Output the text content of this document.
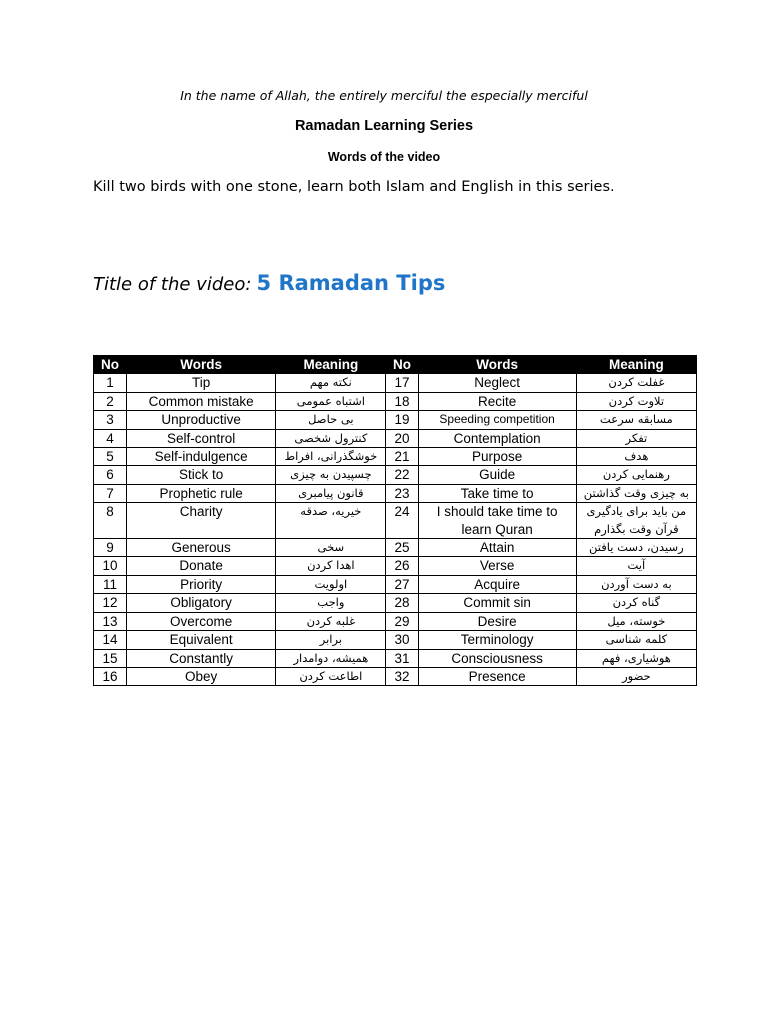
In the name of Allah, the entirely merciful the especially merciful
Ramadan Learning Series
Words of the video
Kill two birds with one stone, learn both Islam and English in this series.
Title of the video: 5 Ramadan Tips
No	Words	Meaning	No	Words	Meaning
1	Tip	نکته مهم	17	Neglect	غفلت کردن
2	Common mistake	اشتباه عمومی	18	Recite	تلاوت کردن
3	Unproductive	بی حاصل	19	Speeding competition	مسابقه سرعت
4	Self-control	کنترول شخصی	20	Contemplation	تفکر
5	Self-indulgence	خوشگذرانی، افراط	21	Purpose	هدف
6	Stick to	چسپیدن به چیزی	22	Guide	رهنمایی کردن
7	Prophetic rule	قانون پیامبری	23	Take time to	به چیزی وقت گذاشتن
8	Charity	خیریه، صدقه	24	I should take time to learn Quran	من باید برای یادگیری قرآن وقت بگذارم
9	Generous	سخی	25	Attain	رسیدن، دست یافتن
10	Donate	اهدا کردن	26	Verse	آیت
11	Priority	اولویت	27	Acquire	به دست آوردن
12	Obligatory	واجب	28	Commit sin	گناه کردن
13	Overcome	غلبه کردن	29	Desire	خوسته، میل
14	Equivalent	برابر	30	Terminology	کلمه شناسی
15	Constantly	همیشه، دوامدار	31	Consciousness	هوشیاری، فهم
16	Obey	اطاعت کردن	32	Presence	حضور
